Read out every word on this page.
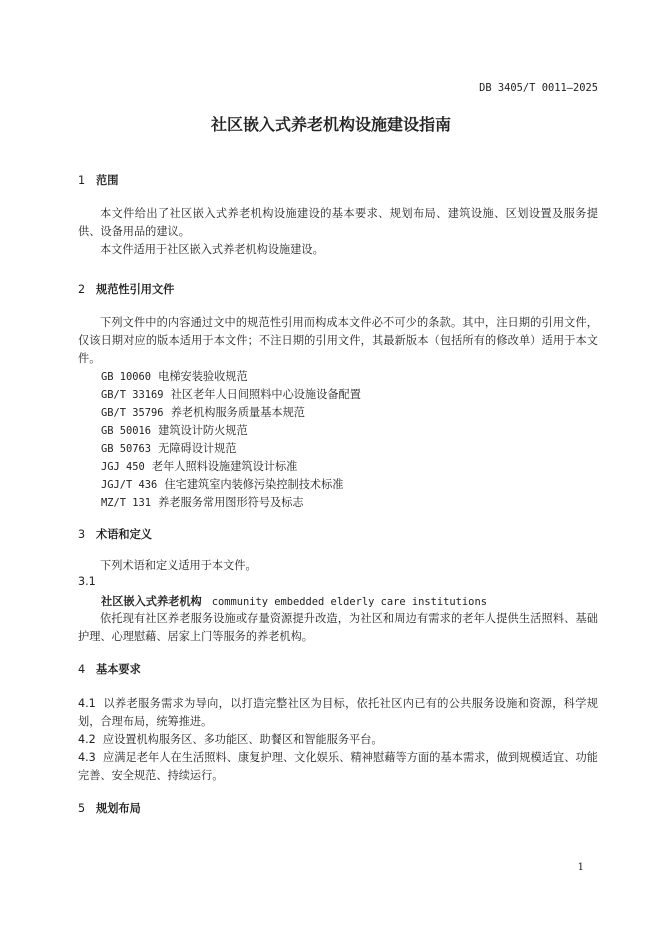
DB 3405/T 0011—2025
社区嵌入式养老机构设施建设指南
1 范围
本文件给出了社区嵌入式养老机构设施建设的基本要求、规划布局、建筑设施、区划设置及服务提供、设备用品的建议。
本文件适用于社区嵌入式养老机构设施建设。
2 规范性引用文件
下列文件中的内容通过文中的规范性引用而构成本文件必不可少的条款。其中，注日期的引用文件，仅该日期对应的版本适用于本文件；不注日期的引用文件，其最新版本（包括所有的修改单）适用于本文件。
GB 10060 电梯安装验收规范
GB/T 33169 社区老年人日间照料中心设施设备配置
GB/T 35796 养老机构服务质量基本规范
GB 50016 建筑设计防火规范
GB 50763 无障碍设计规范
JGJ 450 老年人照料设施建筑设计标准
JGJ/T 436 住宅建筑室内装修污染控制技术标准
MZ/T 131 养老服务常用图形符号及标志
3 术语和定义
下列术语和定义适用于本文件。
3.1
社区嵌入式养老机构 community embedded elderly care institutions
依托现有社区养老服务设施或存量资源提升改造，为社区和周边有需求的老年人提供生活照料、基础护理、心理慰藉、居家上门等服务的养老机构。
4 基本要求
4.1 以养老服务需求为导向，以打造完整社区为目标，依托社区内已有的公共服务设施和资源，科学规划，合理布局，统筹推进。
4.2 应设置机构服务区、多功能区、助餐区和智能服务平台。
4.3 应满足老年人在生活照料、康复护理、文化娱乐、精神慰藉等方面的基本需求，做到规模适宜、功能完善、安全规范、持续运行。
5 规划布局
1
